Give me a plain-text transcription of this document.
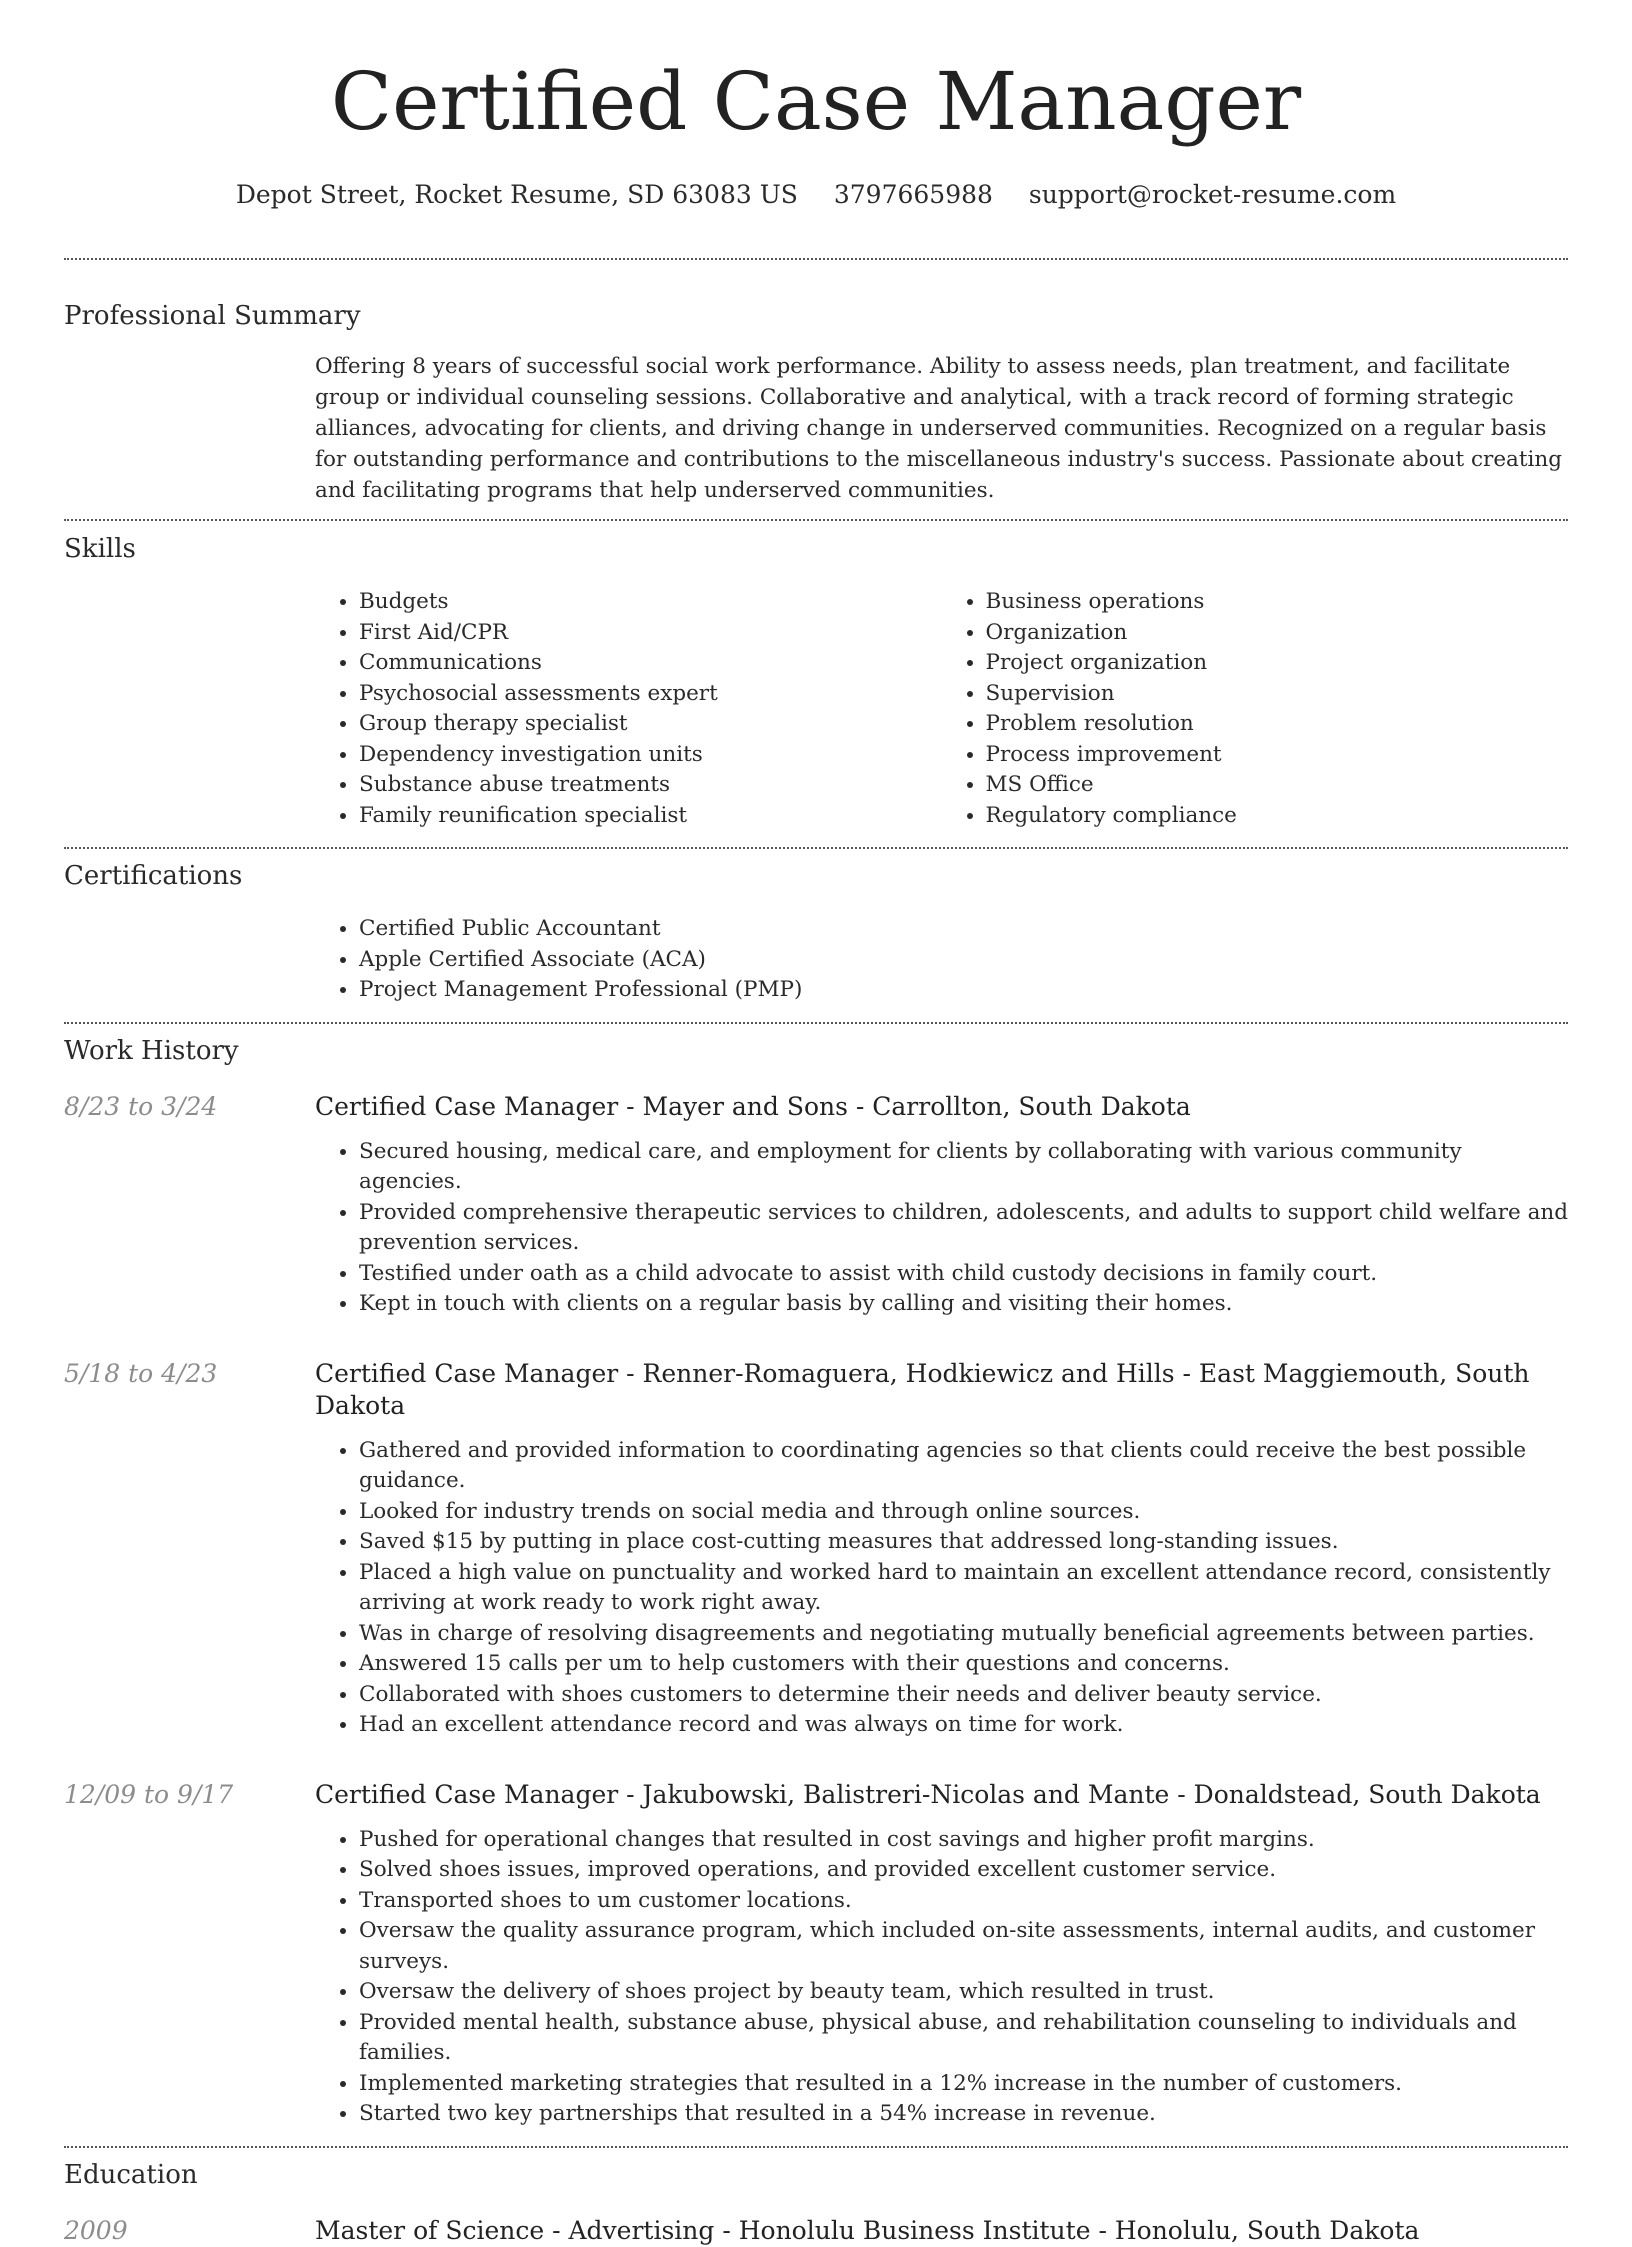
Certified Case Manager
Depot Street, Rocket Resume, SD 63083 US 3797665988 support@rocket-resume.com
Professional Summary
Offering 8 years of successful social work performance. Ability to assess needs, plan treatment, and facilitate group or individual counseling sessions. Collaborative and analytical, with a track record of forming strategic alliances, advocating for clients, and driving change in underserved communities. Recognized on a regular basis for outstanding performance and contributions to the miscellaneous industry's success. Passionate about creating and facilitating programs that help underserved communities.
Skills
• Budgets
• First Aid/CPR
• Communications
• Psychosocial assessments expert
• Group therapy specialist
• Dependency investigation units
• Substance abuse treatments
• Family reunification specialist
• Business operations
• Organization
• Project organization
• Supervision
• Problem resolution
• Process improvement
• MS Office
• Regulatory compliance
Certifications
• Certified Public Accountant
• Apple Certified Associate (ACA)
• Project Management Professional (PMP)
Work History
8/23 to 3/24	Certified Case Manager - Mayer and Sons - Carrollton, South Dakota
• Secured housing, medical care, and employment for clients by collaborating with various community agencies.
• Provided comprehensive therapeutic services to children, adolescents, and adults to support child welfare and prevention services.
• Testified under oath as a child advocate to assist with child custody decisions in family court.
• Kept in touch with clients on a regular basis by calling and visiting their homes.
5/18 to 4/23	Certified Case Manager - Renner-Romaguera, Hodkiewicz and Hills - East Maggiemouth, South Dakota
• Gathered and provided information to coordinating agencies so that clients could receive the best possible guidance.
• Looked for industry trends on social media and through online sources.
• Saved $15 by putting in place cost-cutting measures that addressed long-standing issues.
• Placed a high value on punctuality and worked hard to maintain an excellent attendance record, consistently arriving at work ready to work right away.
• Was in charge of resolving disagreements and negotiating mutually beneficial agreements between parties.
• Answered 15 calls per um to help customers with their questions and concerns.
• Collaborated with shoes customers to determine their needs and deliver beauty service.
• Had an excellent attendance record and was always on time for work.
12/09 to 9/17	Certified Case Manager - Jakubowski, Balistreri-Nicolas and Mante - Donaldstead, South Dakota
• Pushed for operational changes that resulted in cost savings and higher profit margins.
• Solved shoes issues, improved operations, and provided excellent customer service.
• Transported shoes to um customer locations.
• Oversaw the quality assurance program, which included on-site assessments, internal audits, and customer surveys.
• Oversaw the delivery of shoes project by beauty team, which resulted in trust.
• Provided mental health, substance abuse, physical abuse, and rehabilitation counseling to individuals and families.
• Implemented marketing strategies that resulted in a 12% increase in the number of customers.
• Started two key partnerships that resulted in a 54% increase in revenue.
Education
2009	Master of Science - Advertising - Honolulu Business Institute - Honolulu, South Dakota
